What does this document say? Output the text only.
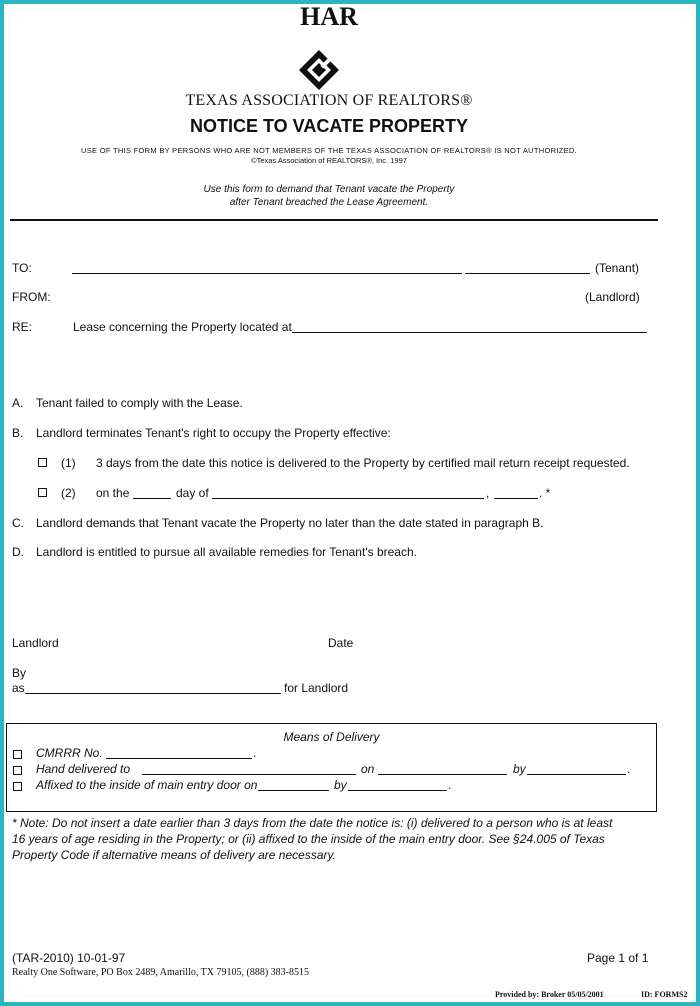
HAR
TEXAS ASSOCIATION OF REALTORS®
NOTICE TO VACATE PROPERTY
USE OF THIS FORM BY PERSONS WHO ARE NOT MEMBERS OF THE TEXAS ASSOCIATION OF REALTORS® IS NOT AUTHORIZED.
©Texas Association of REALTORS®, Inc. 1997
Use this form to demand that Tenant vacate the Property
after Tenant breached the Lease Agreement.
TO:	(Tenant)
FROM:	(Landlord)
RE:	Lease concerning the Property located at
A. Tenant failed to comply with the Lease.
B. Landlord terminates Tenant's right to occupy the Property effective:
(1) 3 days from the date this notice is delivered to the Property by certified mail return receipt requested.
(2) on the	day of	,	. *
C. Landlord demands that Tenant vacate the Property no later than the date stated in paragraph B.
D. Landlord is entitled to pursue all available remedies for Tenant's breach.
Landlord	Date
By
as	for Landlord
Means of Delivery
CMRRR No.	.
Hand delivered to	on	by	.
Affixed to the inside of main entry door on	by	.
* Note: Do not insert a date earlier than 3 days from the date the notice is: (i) delivered to a person who is at least
16 years of age residing in the Property; or (ii) affixed to the inside of the main entry door. See §24.005 of Texas
Property Code if alternative means of delivery are necessary.
(TAR-2010) 10-01-97	Page 1 of 1
Realty One Software, PO Box 2489, Amarillo, TX 79105, (888) 383-8515
Provided by: Broker 05/05/2001	ID: FORMS2
